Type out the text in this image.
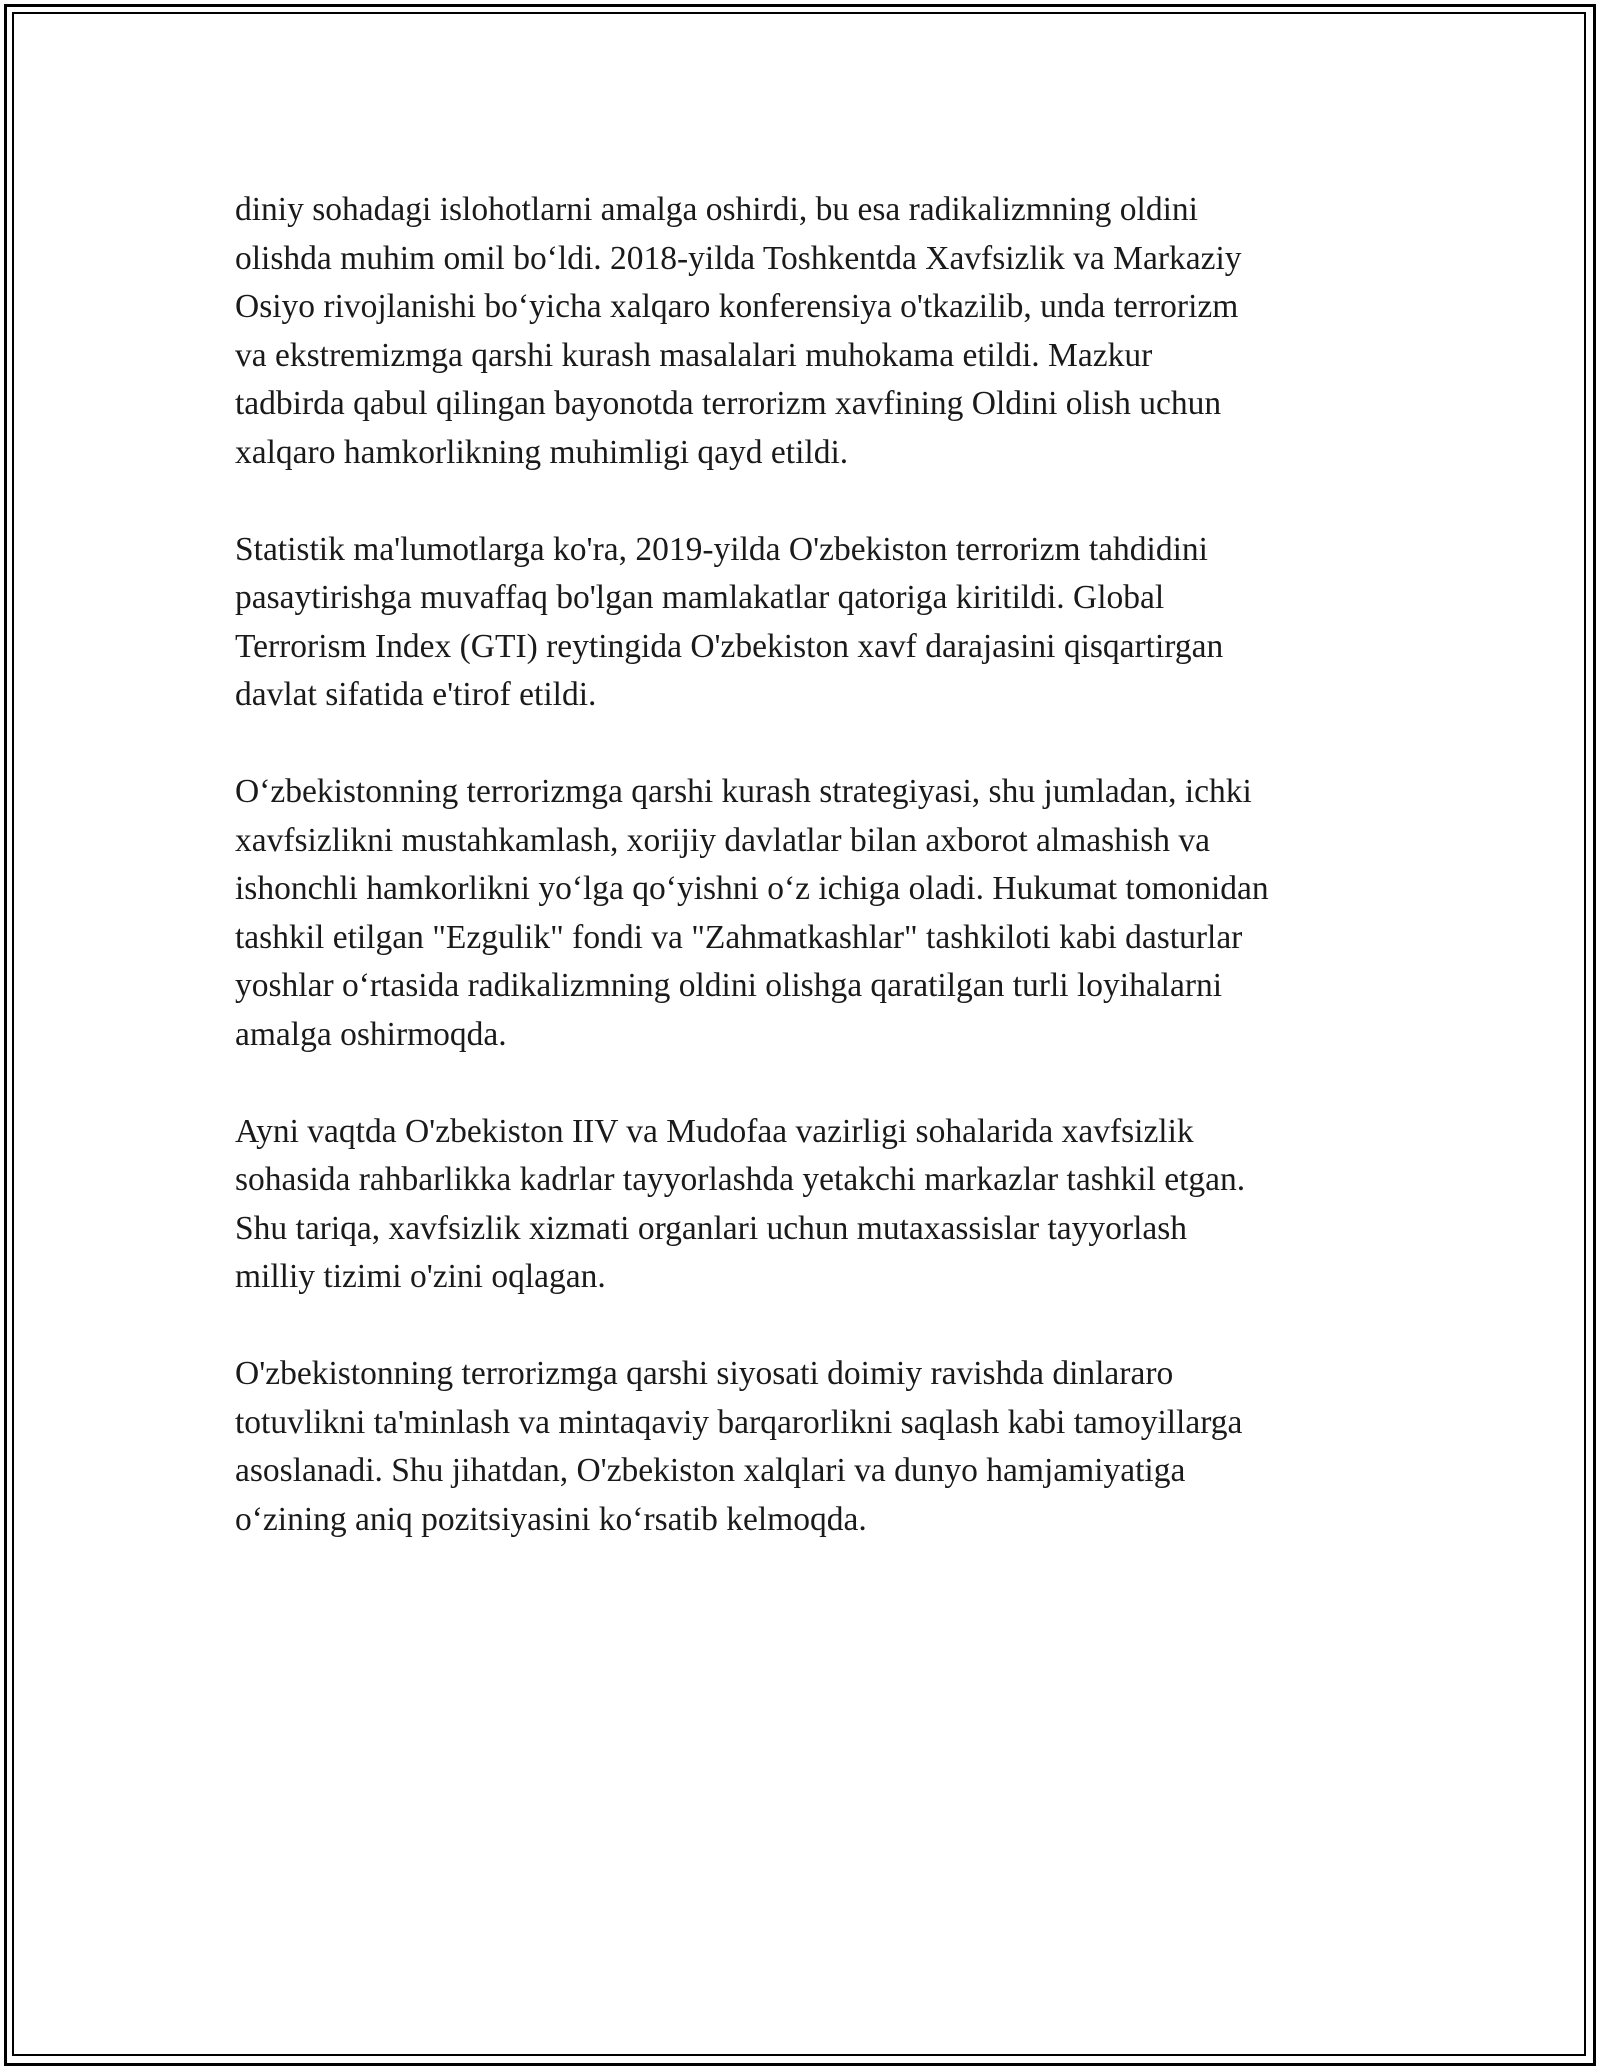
diniy sohadagi islohotlarni amalga oshirdi, bu esa radikalizmning oldini
olishda muhim omil boʻldi. 2018-yilda Toshkentda Xavfsizlik va Markaziy
Osiyo rivojlanishi boʻyicha xalqaro konferensiya o'tkazilib, unda terrorizm
va ekstremizmga qarshi kurash masalalari muhokama etildi. Mazkur
tadbirda qabul qilingan bayonotda terrorizm xavfining Oldini olish uchun
xalqaro hamkorlikning muhimligi qayd etildi.

Statistik ma'lumotlarga ko'ra, 2019-yilda O'zbekiston terrorizm tahdidini
pasaytirishga muvaffaq bo'lgan mamlakatlar qatoriga kiritildi. Global
Terrorism Index (GTI) reytingida O'zbekiston xavf darajasini qisqartirgan
davlat sifatida e'tirof etildi.

Oʻzbekistonning terrorizmga qarshi kurash strategiyasi, shu jumladan, ichki
xavfsizlikni mustahkamlash, xorijiy davlatlar bilan axborot almashish va
ishonchli hamkorlikni yoʻlga qoʻyishni oʻz ichiga oladi. Hukumat tomonidan
tashkil etilgan "Ezgulik" fondi va "Zahmatkashlar" tashkiloti kabi dasturlar
yoshlar oʻrtasida radikalizmning oldini olishga qaratilgan turli loyihalarni
amalga oshirmoqda.

Ayni vaqtda O'zbekiston IIV va Mudofaa vazirligi sohalarida xavfsizlik
sohasida rahbarlikka kadrlar tayyorlashda yetakchi markazlar tashkil etgan.
Shu tariqa, xavfsizlik xizmati organlari uchun mutaxassislar tayyorlash
milliy tizimi o'zini oqlagan.

O'zbekistonning terrorizmga qarshi siyosati doimiy ravishda dinlararo
totuvlikni ta'minlash va mintaqaviy barqarorlikni saqlash kabi tamoyillarga
asoslanadi. Shu jihatdan, O'zbekiston xalqlari va dunyo hamjamiyatiga
oʻzining aniq pozitsiyasini koʻrsatib kelmoqda.
